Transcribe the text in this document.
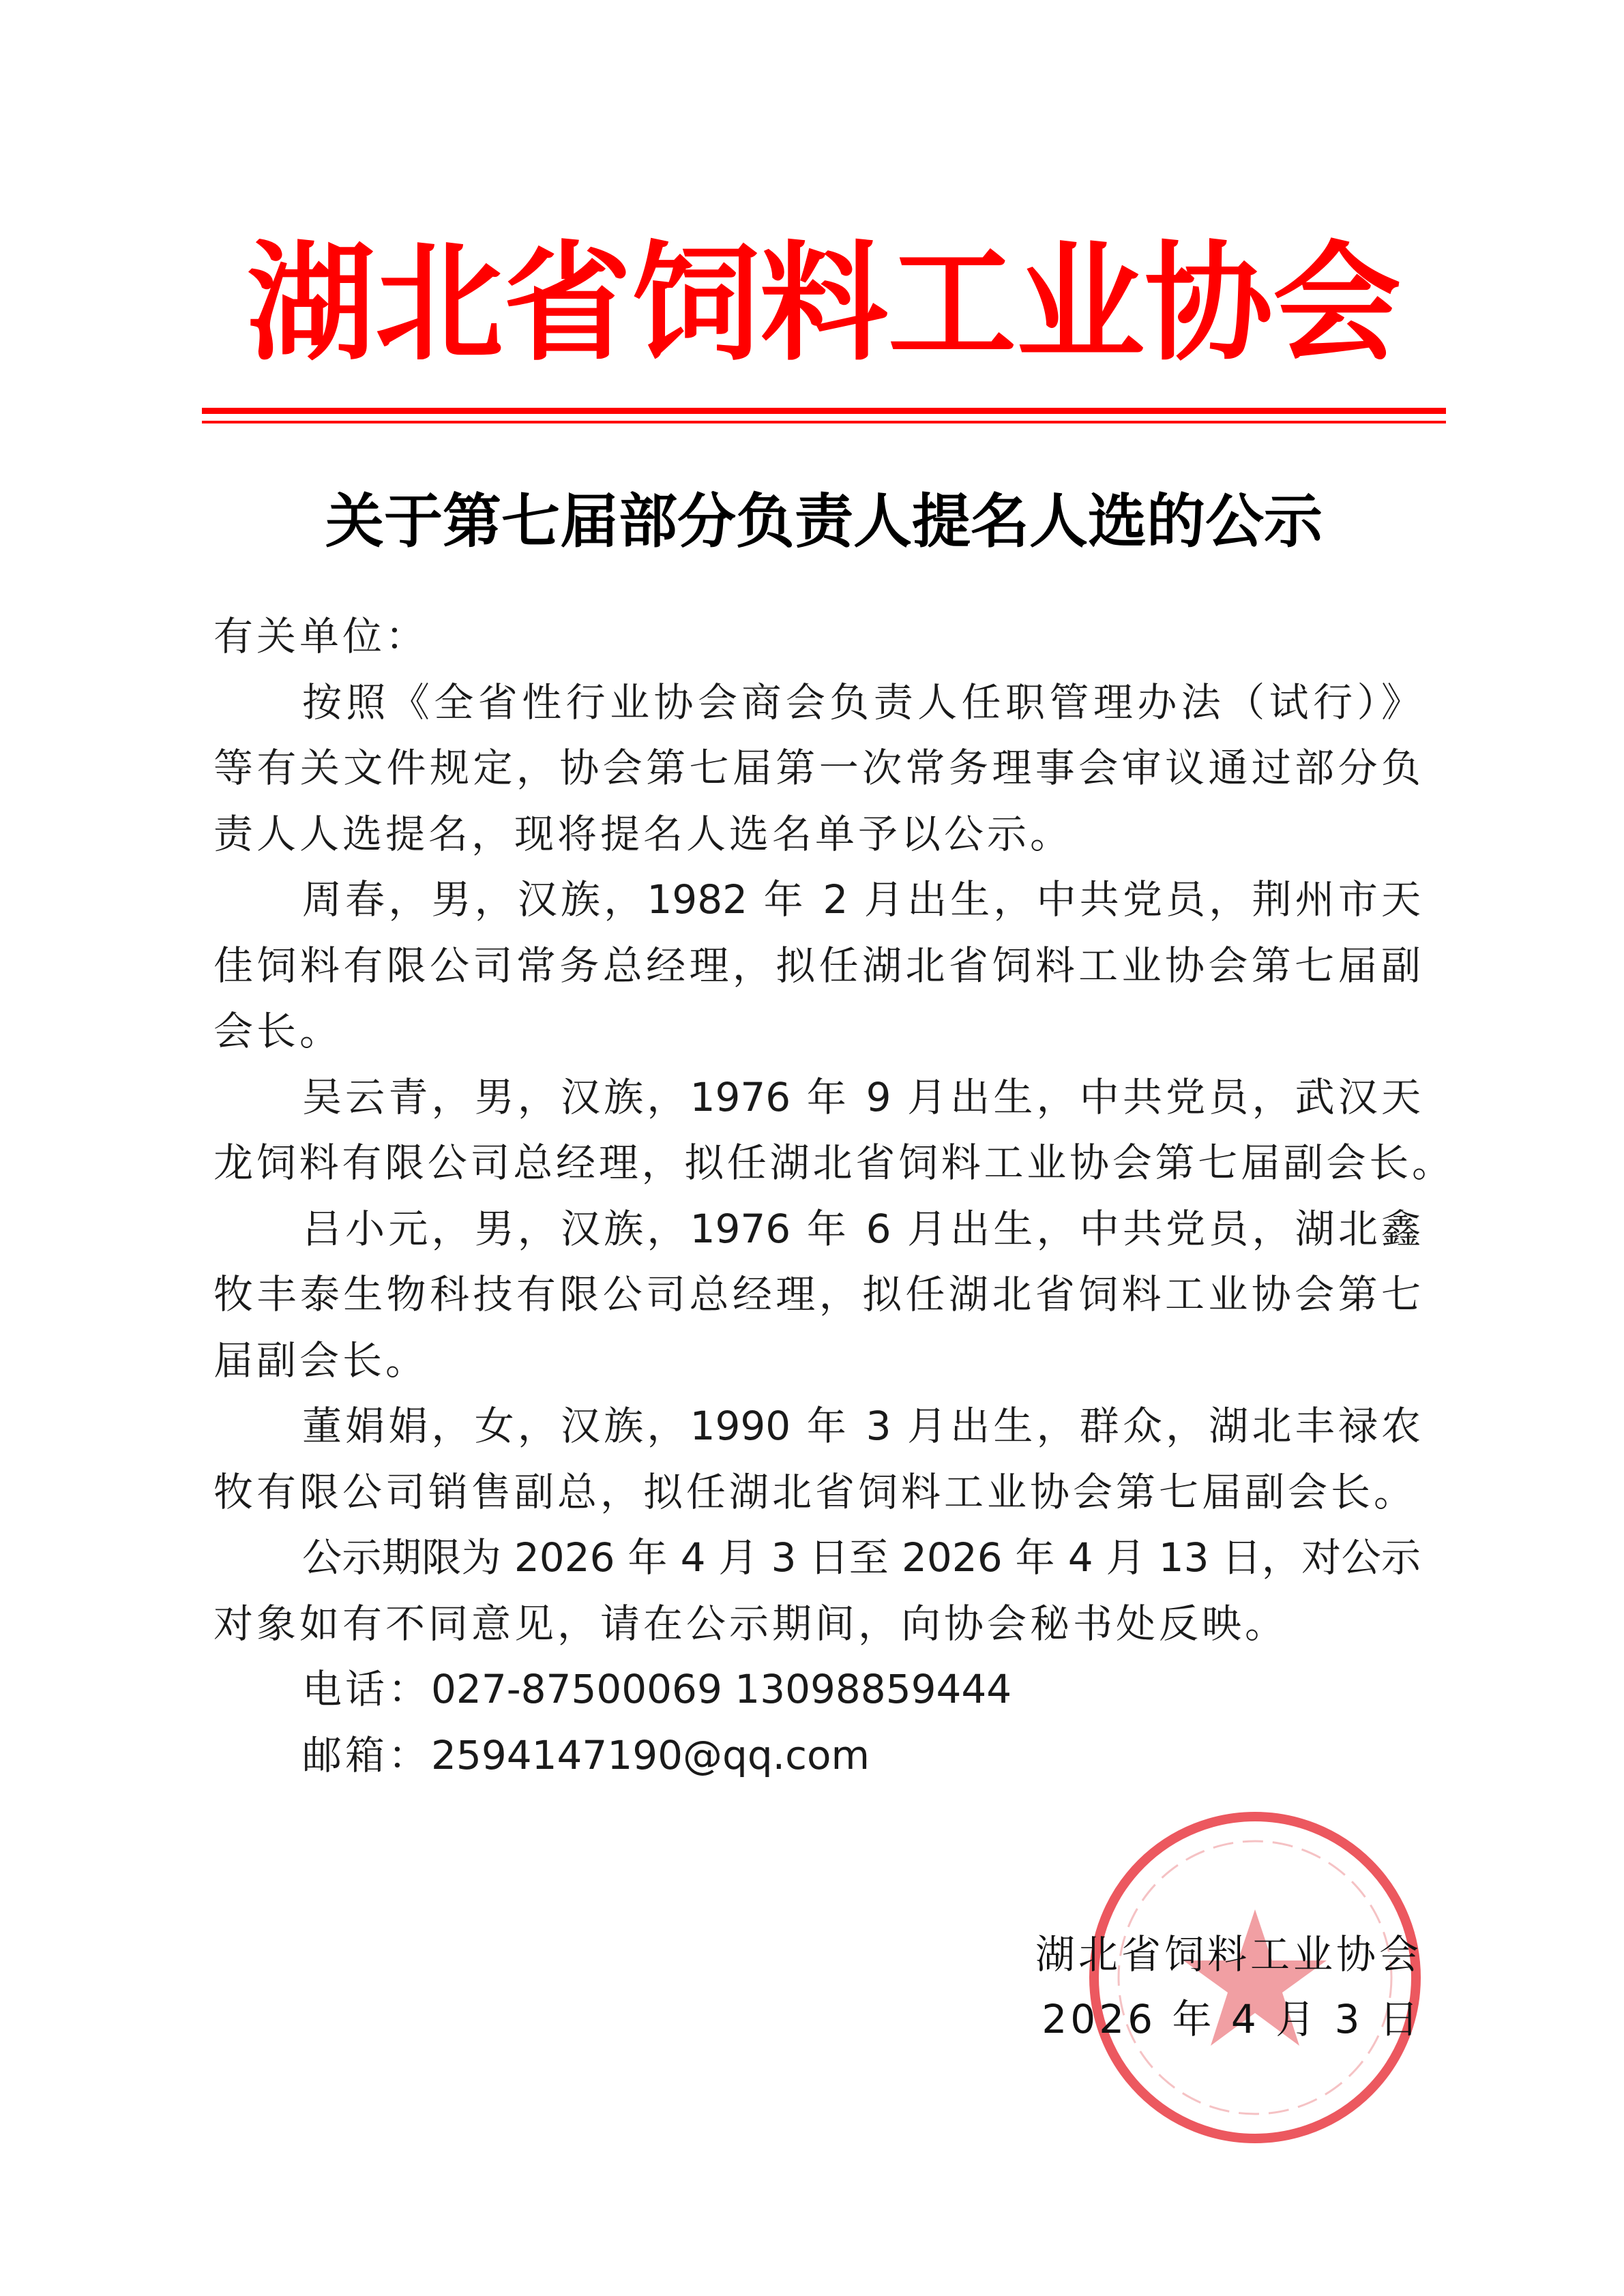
湖北省饲料工业协会
关于第七届部分负责人提名人选的公示
有关单位：
按照《全省性行业协会商会负责人任职管理办法（试行）》
等有关文件规定，协会第七届第一次常务理事会审议通过部分负
责人人选提名，现将提名人选名单予以公示。
周春，男，汉族，1982 年 2 月出生，中共党员，荆州市天
佳饲料有限公司常务总经理，拟任湖北省饲料工业协会第七届副
会长。
吴云青，男，汉族，1976 年 9 月出生，中共党员，武汉天
龙饲料有限公司总经理，拟任湖北省饲料工业协会第七届副会长。
吕小元，男，汉族，1976 年 6 月出生，中共党员，湖北鑫
牧丰泰生物科技有限公司总经理，拟任湖北省饲料工业协会第七
届副会长。
董娟娟，女，汉族，1990 年 3 月出生，群众，湖北丰禄农
牧有限公司销售副总，拟任湖北省饲料工业协会第七届副会长。
公示期限为 2026 年 4 月 3 日至 2026 年 4 月 13 日，对公示
对象如有不同意见，请在公示期间，向协会秘书处反映。
电话：027-87500069 13098859444
邮箱：2594147190@qq.com
湖北省饲料工业协会
2026 年 4 月 3 日
